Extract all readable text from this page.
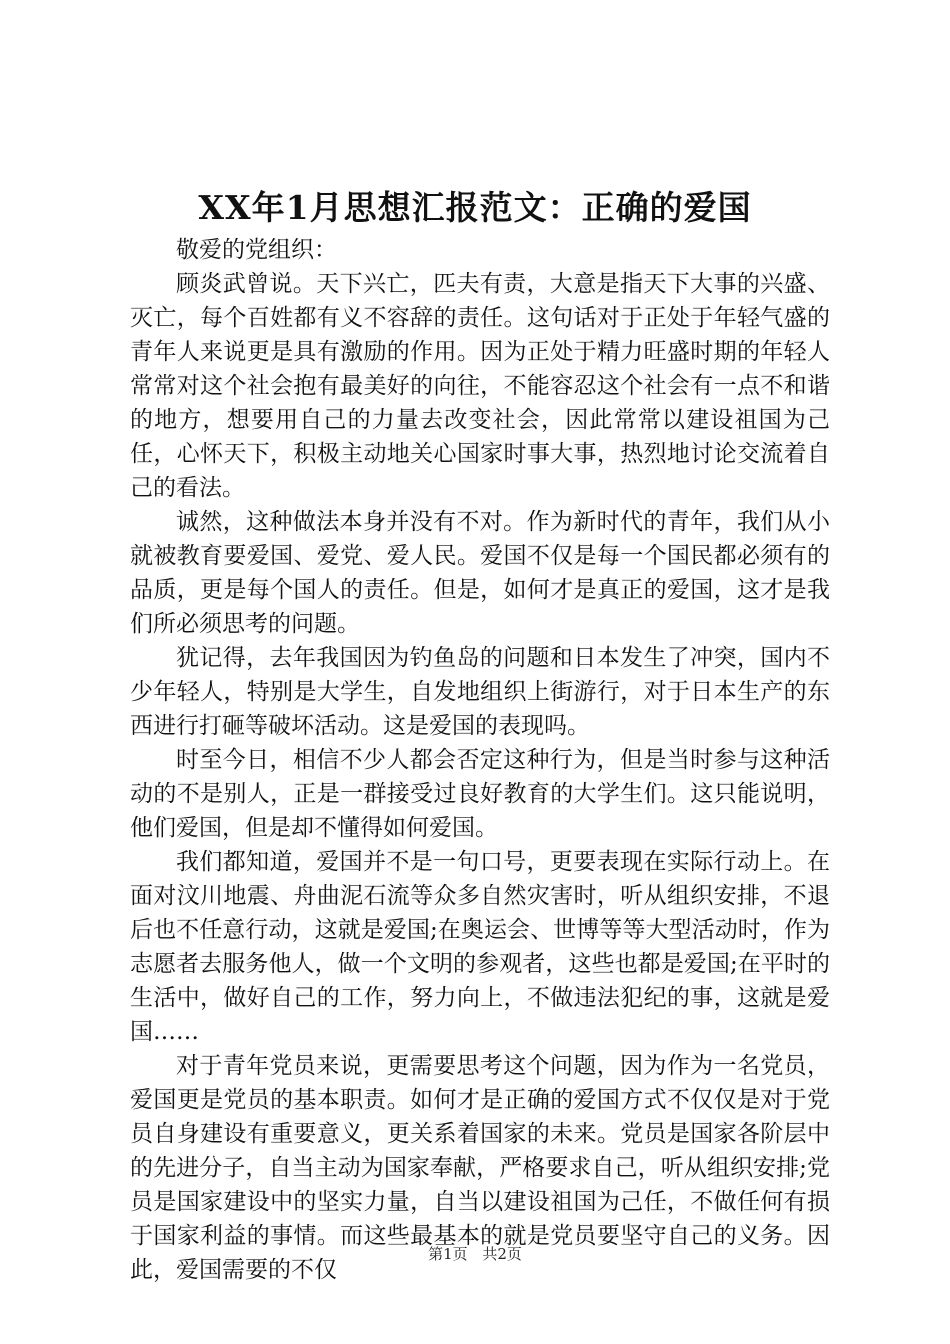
XX年1月思想汇报范文：正确的爱国

敬爱的党组织：

顾炎武曾说。天下兴亡，匹夫有责，大意是指天下大事的兴盛、灭亡，每个百姓都有义不容辞的责任。这句话对于正处于年轻气盛的青年人来说更是具有激励的作用。因为正处于精力旺盛时期的年轻人常常对这个社会抱有最美好的向往，不能容忍这个社会有一点不和谐的地方，想要用自己的力量去改变社会，因此常常以建设祖国为己任，心怀天下，积极主动地关心国家时事大事，热烈地讨论交流着自己的看法。

诚然，这种做法本身并没有不对。作为新时代的青年，我们从小就被教育要爱国、爱党、爱人民。爱国不仅是每一个国民都必须有的品质，更是每个国人的责任。但是，如何才是真正的爱国，这才是我们所必须思考的问题。

犹记得，去年我国因为钓鱼岛的问题和日本发生了冲突，国内不少年轻人，特别是大学生，自发地组织上街游行，对于日本生产的东西进行打砸等破坏活动。这是爱国的表现吗。

时至今日，相信不少人都会否定这种行为，但是当时参与这种活动的不是别人，正是一群接受过良好教育的大学生们。这只能说明，他们爱国，但是却不懂得如何爱国。

我们都知道，爱国并不是一句口号，更要表现在实际行动上。在面对汶川地震、舟曲泥石流等众多自然灾害时，听从组织安排，不退后也不任意行动，这就是爱国;在奥运会、世博等等大型活动时，作为志愿者去服务他人，做一个文明的参观者，这些也都是爱国;在平时的生活中，做好自己的工作，努力向上，不做违法犯纪的事，这就是爱国……

对于青年党员来说，更需要思考这个问题，因为作为一名党员，爱国更是党员的基本职责。如何才是正确的爱国方式不仅仅是对于党员自身建设有重要意义，更关系着国家的未来。党员是国家各阶层中的先进分子，自当主动为国家奉献，严格要求自己，听从组织安排;党员是国家建设中的坚实力量，自当以建设祖国为己任，不做任何有损于国家利益的事情。而这些最基本的就是党员要坚守自己的义务。因此，爱国需要的不仅

第1页 共2页
